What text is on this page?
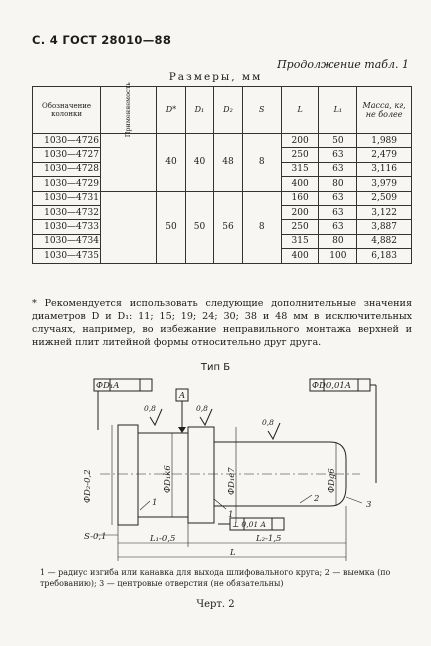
С. 4 ГОСТ 28010—88
Продолжение табл. 1
Размеры, мм
Обозначение колонки	Применяемость	D*	D₁	D₂	S	L	L₁	Масса, кг, не более
1030—4726		40	40	48	8	200	50	1,989
1030—4727						250	63	2,479
1030—4728						315	63	3,116
1030—4729						400	80	3,979
1030—4731		50	50	56	8	160	63	2,509
1030—4732						200	63	3,122
1030—4733						250	63	3,887
1030—4734						315	80	4,882
1030—4735						400	100	6,183
* Рекомендуется использовать следующие дополнительные значения диаметров D и D₁: 11; 15; 19; 24; 30; 38 и 48 мм в исключительных случаях, например, во избежание неправильного монтажа верхней и нижней плит литейной формы относительно друг друга.
Тип Б
ФD₁A
A
ФD0,01A
0,8	0,8
0,8
⊥ 0,01 A
ФD₂-0,2	ФD₁k6	ФD₁e7	ФDg6
S-0,1	L₁-0,5	L₂-1,5
L
1
1
2
3
1 — радиус изгиба или канавка для выхода шлифовального круга; 2 — выемка (по требованию); 3 — центровые отверстия (не обязательны)
Черт. 2
